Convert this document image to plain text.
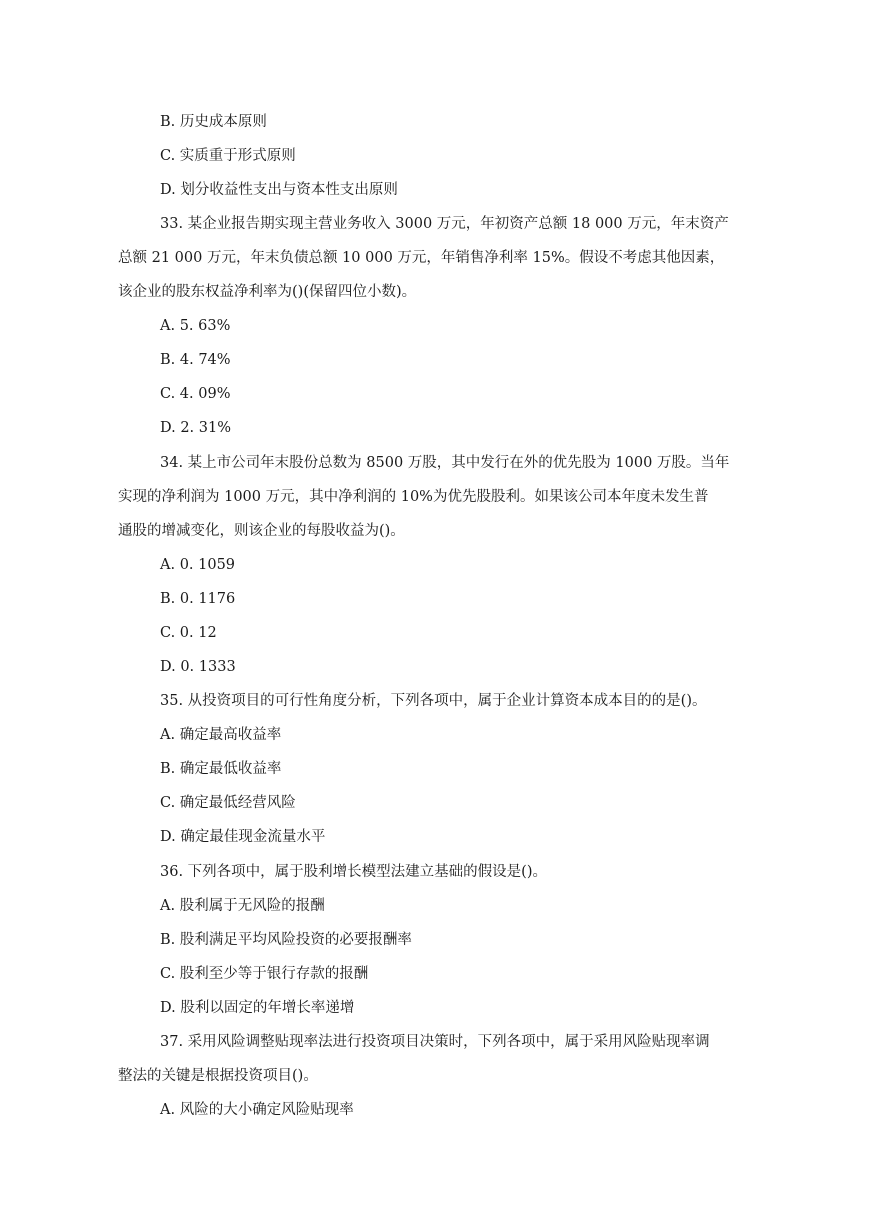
B. 历史成本原则
C. 实质重于形式原则
D. 划分收益性支出与资本性支出原则
33. 某企业报告期实现主营业务收入 3000 万元，年初资产总额 18 000 万元，年末资产
总额 21 000 万元，年末负债总额 10 000 万元，年销售净利率 15%。假设不考虑其他因素，
该企业的股东权益净利率为()(保留四位小数)。
A. 5. 63%
B. 4. 74%
C. 4. 09%
D. 2. 31%
34. 某上市公司年末股份总数为 8500 万股，其中发行在外的优先股为 1000 万股。当年
实现的净利润为 1000 万元，其中净利润的 10%为优先股股利。如果该公司本年度未发生普
通股的增减变化，则该企业的每股收益为()。
A. 0. 1059
B. 0. 1176
C. 0. 12
D. 0. 1333
35. 从投资项目的可行性角度分析，下列各项中，属于企业计算资本成本目的的是()。
A. 确定最高收益率
B. 确定最低收益率
C. 确定最低经营风险
D. 确定最佳现金流量水平
36. 下列各项中，属于股利增长模型法建立基础的假设是()。
A. 股利属于无风险的报酬
B. 股利满足平均风险投资的必要报酬率
C. 股利至少等于银行存款的报酬
D. 股利以固定的年增长率递增
37. 采用风险调整贴现率法进行投资项目决策时，下列各项中，属于采用风险贴现率调
整法的关键是根据投资项目()。
A. 风险的大小确定风险贴现率
